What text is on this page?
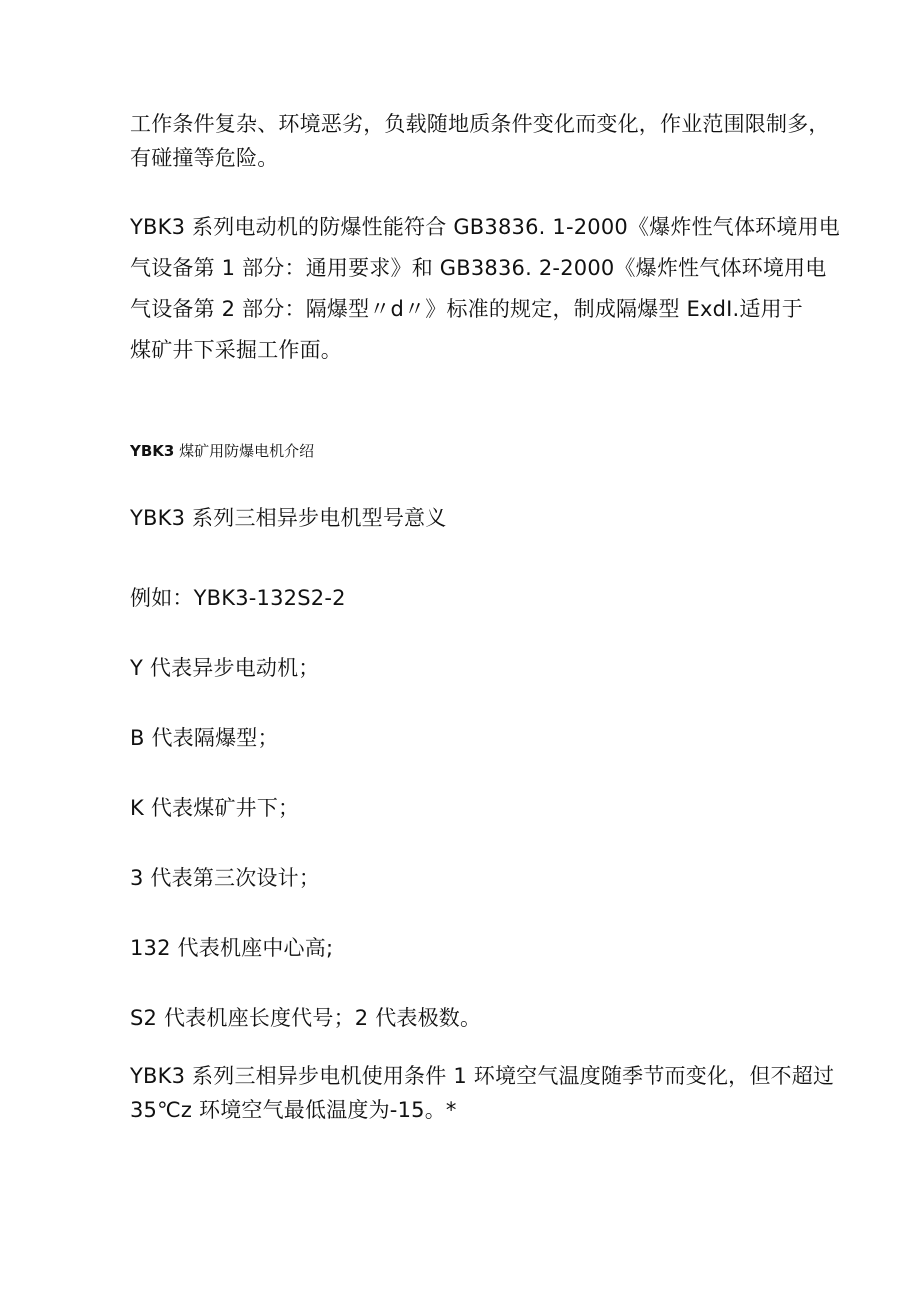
工作条件复杂、环境恶劣，负载随地质条件变化而变化，作业范围限制多，
有碰撞等危险。

YBK3 系列电动机的防爆性能符合 GB3836. 1-2000《爆炸性气体环境用电
气设备第 1 部分：通用要求》和 GB3836. 2-2000《爆炸性气体环境用电
气设备第 2 部分：隔爆型〃d〃》标准的规定，制成隔爆型 ExdI.适用于
煤矿井下采掘工作面。

YBK3 煤矿用防爆电机介绍

YBK3 系列三相异步电机型号意义

例如：YBK3-132S2-2

Y 代表异步电动机；

B 代表隔爆型；

K 代表煤矿井下；

3 代表第三次设计；

132 代表机座中心高;

S2 代表机座长度代号；2 代表极数。

YBK3 系列三相异步电机使用条件 1 环境空气温度随季节而变化，但不超过
35℃z 环境空气最低温度为-15。*
